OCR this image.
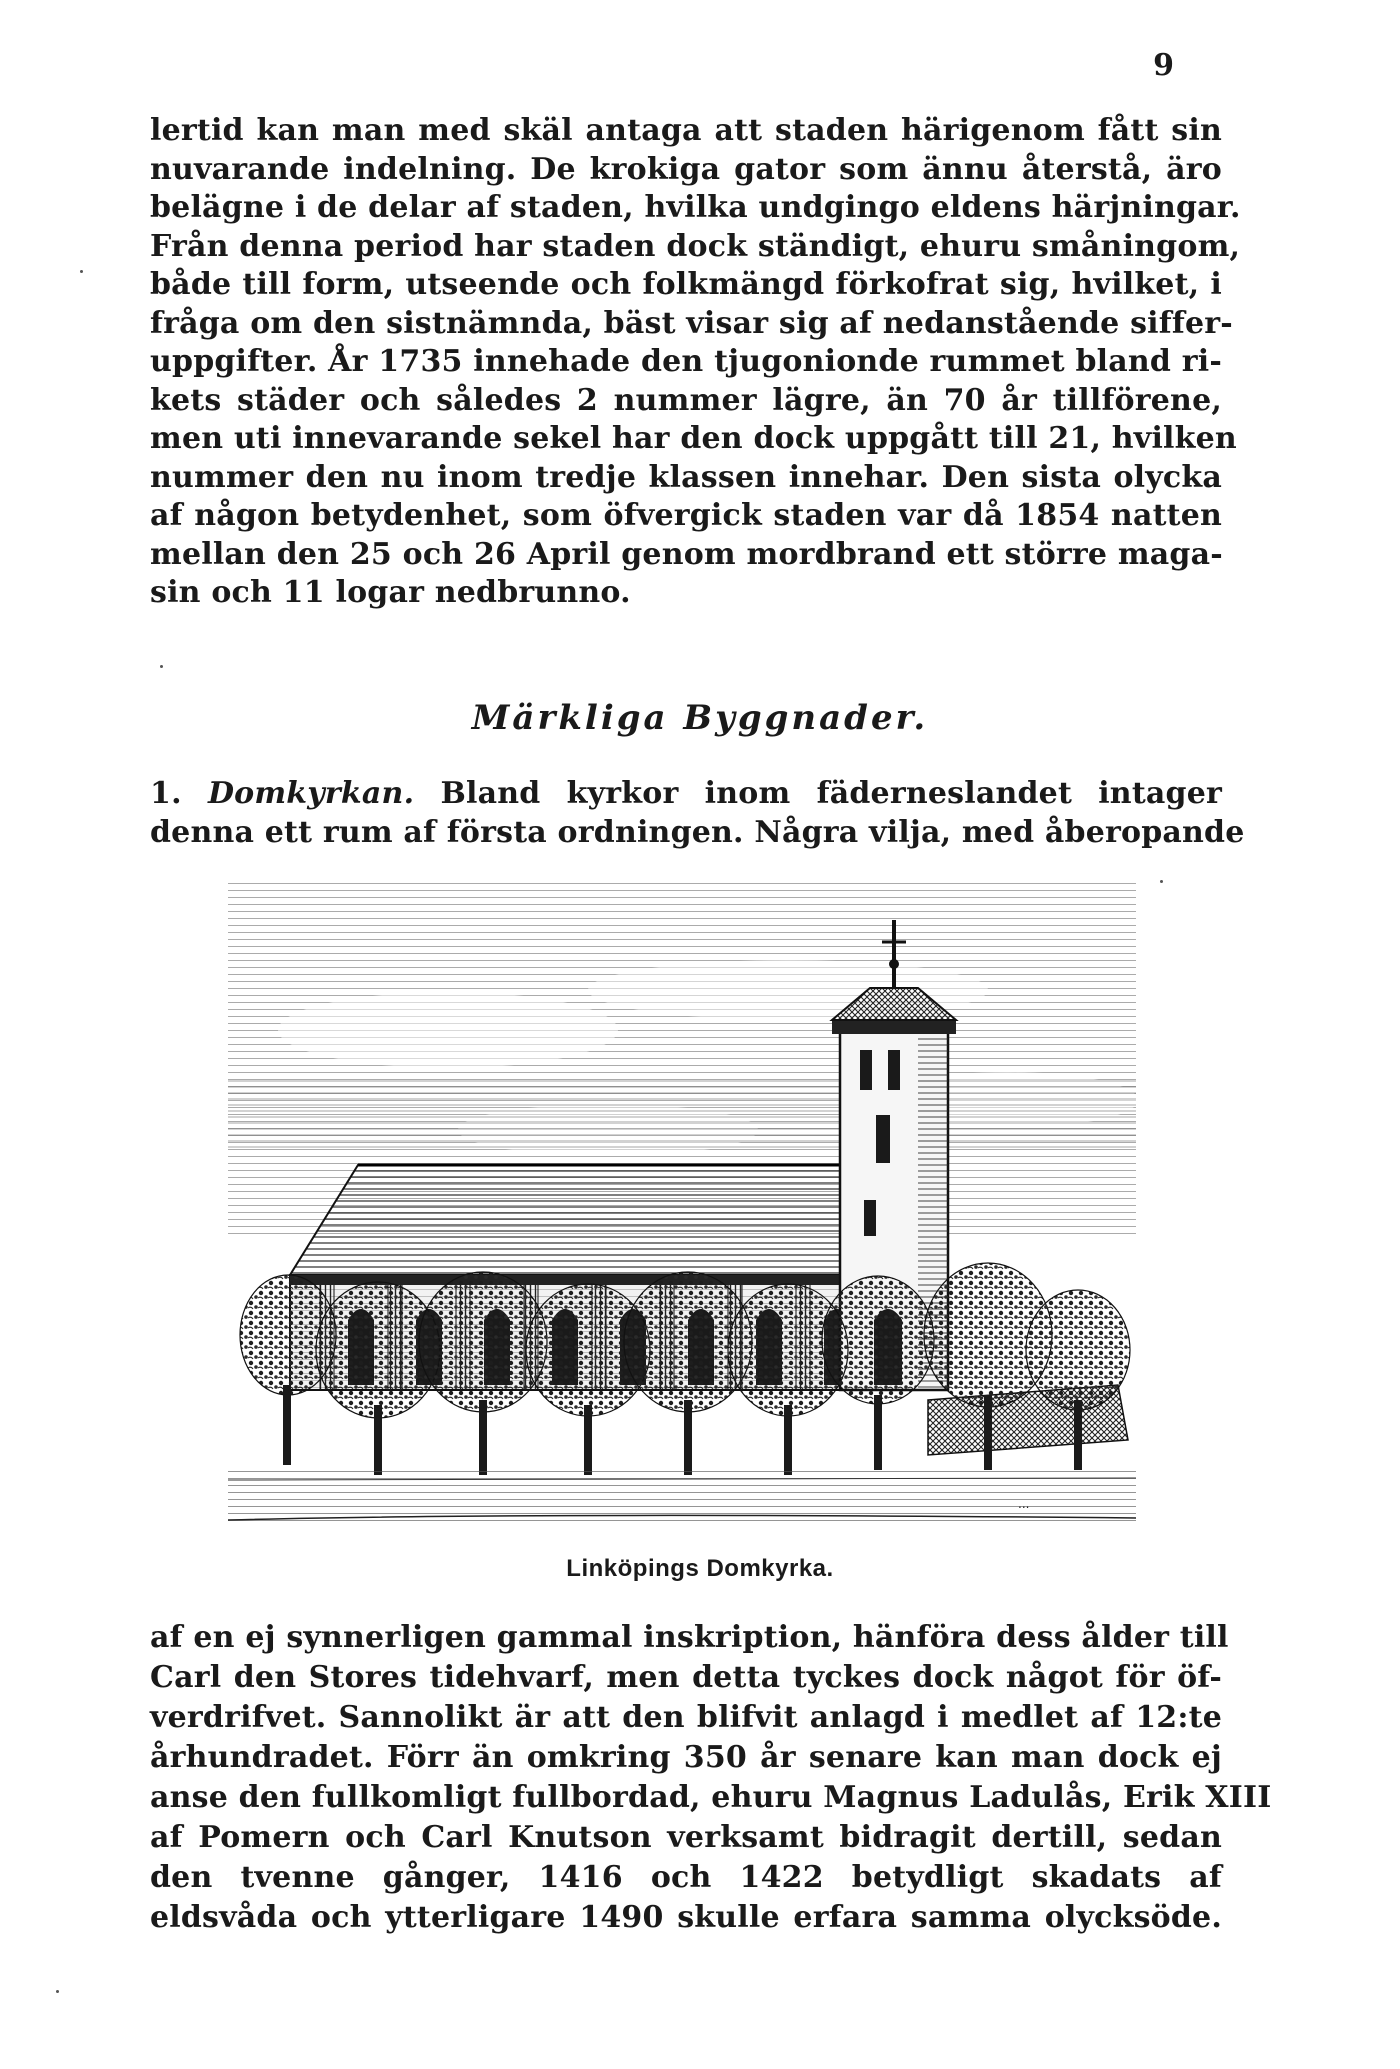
9
lertid kan man med skäl antaga att staden härigenom fått sin
nuvarande indelning. De krokiga gator som ännu återstå, äro
belägne i de delar af staden, hvilka undgingo eldens härjningar.
Från denna period har staden dock ständigt, ehuru småningom,
både till form, utseende och folkmängd förkofrat sig, hvilket, i
fråga om den sistnämnda, bäst visar sig af nedanstående siffer-
uppgifter. År 1735 innehade den tjugonionde rummet bland ri-
kets städer och således 2 nummer lägre, än 70 år tillförene,
men uti innevarande sekel har den dock uppgått till 21, hvilken
nummer den nu inom tredje klassen innehar. Den sista olycka
af någon betydenhet, som öfvergick staden var då 1854 natten
mellan den 25 och 26 April genom mordbrand ett större maga-
sin och 11 logar nedbrunno.
Märkliga Byggnader.
1. Domkyrkan. Bland kyrkor inom fäderneslandet intager
denna ett rum af första ordningen. Några vilja, med åberopande
...
Linköpings Domkyrka.
af en ej synnerligen gammal inskription, hänföra dess ålder till
Carl den Stores tidehvarf, men detta tyckes dock något för öf-
verdrifvet. Sannolikt är att den blifvit anlagd i medlet af 12:te
århundradet. Förr än omkring 350 år senare kan man dock ej
anse den fullkomligt fullbordad, ehuru Magnus Ladulås, Erik XIII
af Pomern och Carl Knutson verksamt bidragit dertill, sedan
den tvenne gånger, 1416 och 1422 betydligt skadats af
eldsvåda och ytterligare 1490 skulle erfara samma olycksöde.
